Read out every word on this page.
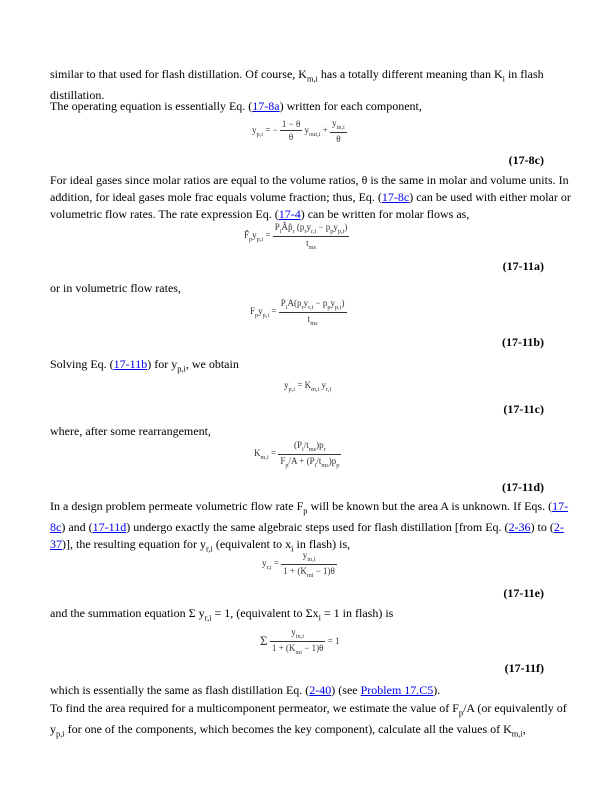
similar to that used for flash distillation. Of course, $K_{m,i}$ has a totally different meaning than $K_i$ in flash distillation.

The operating equation is essentially Eq. (17-8a) written for each component,

$y_{p,i}$ = − $\frac{1 - \theta}{\theta} y_{out,i} + \frac{y_{in,i}}{\theta}$
(17-8c)

For ideal gases since molar ratios are equal to the volume ratios, θ is the same in molar and volume units. In addition, for ideal gases mole frac equals volume fraction; thus, Eq. (17-8c) can be used with either molar or volumetric flow rates. The rate expression Eq. (17-4) can be written for molar flows as,

$F̂_py_{p,i} = \frac{P_iÂp̂_r (p_ry_{r,i} - p_py_{p,i})}{t_{ms}}$
(17-11a)

or in volumetric flow rates,

$F_py_{p,i} = \frac{P_iA(p_ry_{r,i} - p_py_{p,i})}{t_{ms}}$
(17-11b)

Solving Eq. (17-11b) for $y_{p,i}$, we obtain

$y_{p,i} = K_{m,i}$ $y_{r,i}$
(17-11c)

where, after some rearrangement,

$K_{m,i} = \frac{(P_i/t_{ms})p_r}{F_p/A + (P_i/t_{ms})p_p}$
(17-11d)

In a design problem permeate volumetric flow rate $F_p$ will be known but the area A is unknown. If Eqs. (17-8c) and (17-11d) undergo exactly the same algebraic steps used for flash distillation [from Eq. (2-36) to (2-37)], the resulting equation for $y_{r,i}$ (equivalent to $x_i$ in flash) is,

$y_{r,i} = \frac{y_{in,i}}{1 + (K_{mi} - 1)\theta}$
(17-11e)

and the summation equation Σ $y_{r,i} = 1$, (equivalent to $\Sigma x_i = 1$ in flash) is

Σ $\frac{y_{in,i}}{1 + (K_{mi} - 1)\theta} = 1$
(17-11f)

which is essentially the same as flash distillation Eq. (2-40) (see Problem 17.C5).

To find the area required for a multicomponent permeator, we estimate the value of $F_p/A$ (or equivalently of $y_{p,i}$ for one of the components, which becomes the key component), calculate all the values of $K_{m,i}$,
